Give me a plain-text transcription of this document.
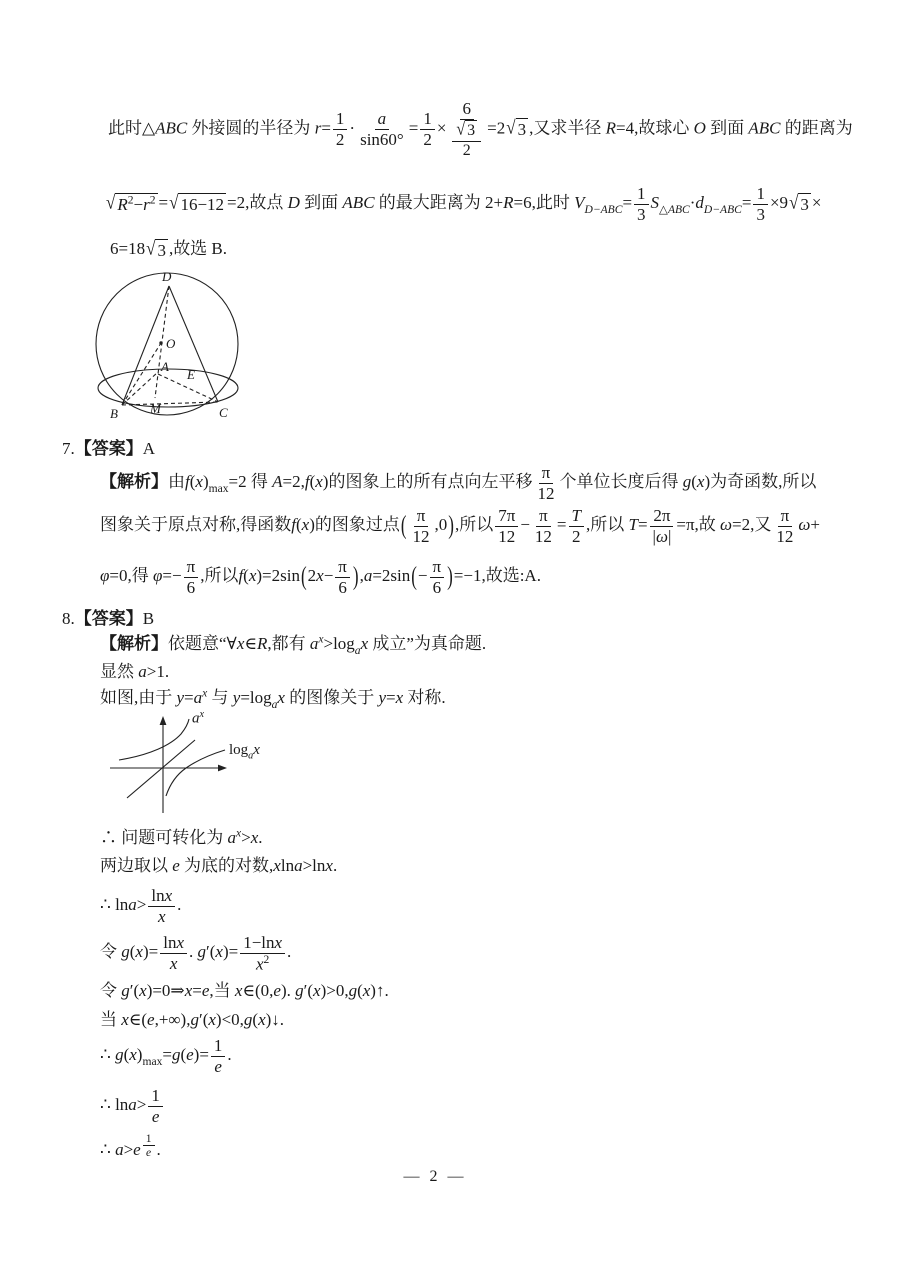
此时△ABC 外接圆的半径为 $r= \frac{1}{2} \cdot \frac{a}{\sin 60^\circ} = \frac{1}{2} \times \frac{6}{\frac{√ 3}{2}} =2$ √ 3 ,又求半径 R=4,故球心 O 到面 ABC 的距离为
√ $R^2-r^2$ = √ 16−12 =2,故点 D 到面 ABC 的最大距离为 2+R=6,此时 $V_{D-ABC}= \frac{1}{3} S_{\triangle ABC}\cdot d_{D-ABC}= \frac{1}{3} \times 9$ √ 3 ×
6=18 √ 3 ,故选 B.
D
O
A
E
B M	C
7.【答案】A
【解析】由$f(x)_{max}=2$ 得 A=2,f(x)的图象上的所有点向左平移 $\frac{\pi}{12}$ 个单位长度后得 g(x)为奇函数,所以
图象关于原点对称,得函数f(x)的图象过点( $\frac{\pi}{12} ,0$),所以 $\frac{7\pi}{12} - \frac{\pi}{12} = \frac{T}{2}$ ,所以 $T= \frac{2\pi}{|\omega|} =\pi$,故 ω=2,又 $\frac{\pi}{12} \omega+$
φ=0,得 $\varphi=- \frac{\pi}{6}$ ,所以$f(x)=2\sin(2x- \frac{\pi}{6} ),a=2\sin(- \frac{\pi}{6} )=-1$,故选:A.
8.【答案】B
【解析】依题意“∀x∈R,都有 $a^x>\log_ax$ 成立”为真命题.
显然 a>1.
如图,由于 $y=a^x$ 与 $y=\log_ax$ 的图像关于 y=x 对称.
$a^x$
$\log_ax$
∴ 问题可转化为 $a^x>x$.
两边取以 e 为底的对数,xlna>lnx.
∴ $\ln a> \frac{\ln x}{x}$ .
令 $g(x)= \frac{\ln x}{x}$ . $g'(x)= \frac{1-\ln x}{x^2}$ .
令 g′(x)=0⇒x=e,当 x∈(0,e). g′(x)>0,g(x)↑.
当 x∈(e,+∞),g′(x)<0,g(x)↓.
∴ $g(x)_{max}=g(e)= \frac{1}{e}$ .
∴ $\ln a> \frac{1}{e}$
∴ a>e $^{\frac{1}{e}}$ .
— 2 —
